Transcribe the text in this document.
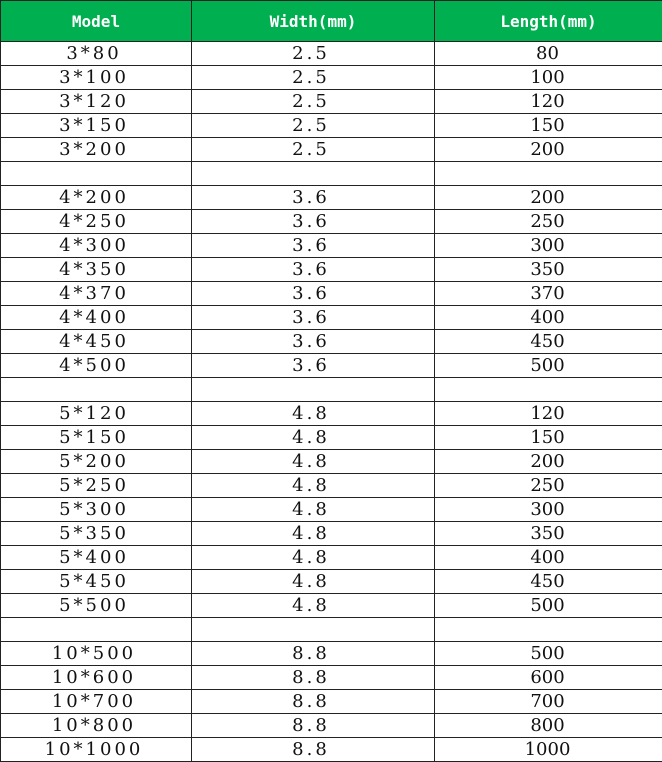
Model	Width(mm)	Length(mm)
3*80	2.5	80
3*100	2.5	100
3*120	2.5	120
3*150	2.5	150
3*200	2.5	200

4*200	3.6	200
4*250	3.6	250
4*300	3.6	300
4*350	3.6	350
4*370	3.6	370
4*400	3.6	400
4*450	3.6	450
4*500	3.6	500

5*120	4.8	120
5*150	4.8	150
5*200	4.8	200
5*250	4.8	250
5*300	4.8	300
5*350	4.8	350
5*400	4.8	400
5*450	4.8	450
5*500	4.8	500

10*500	8.8	500
10*600	8.8	600
10*700	8.8	700
10*800	8.8	800
10*1000	8.8	1000
